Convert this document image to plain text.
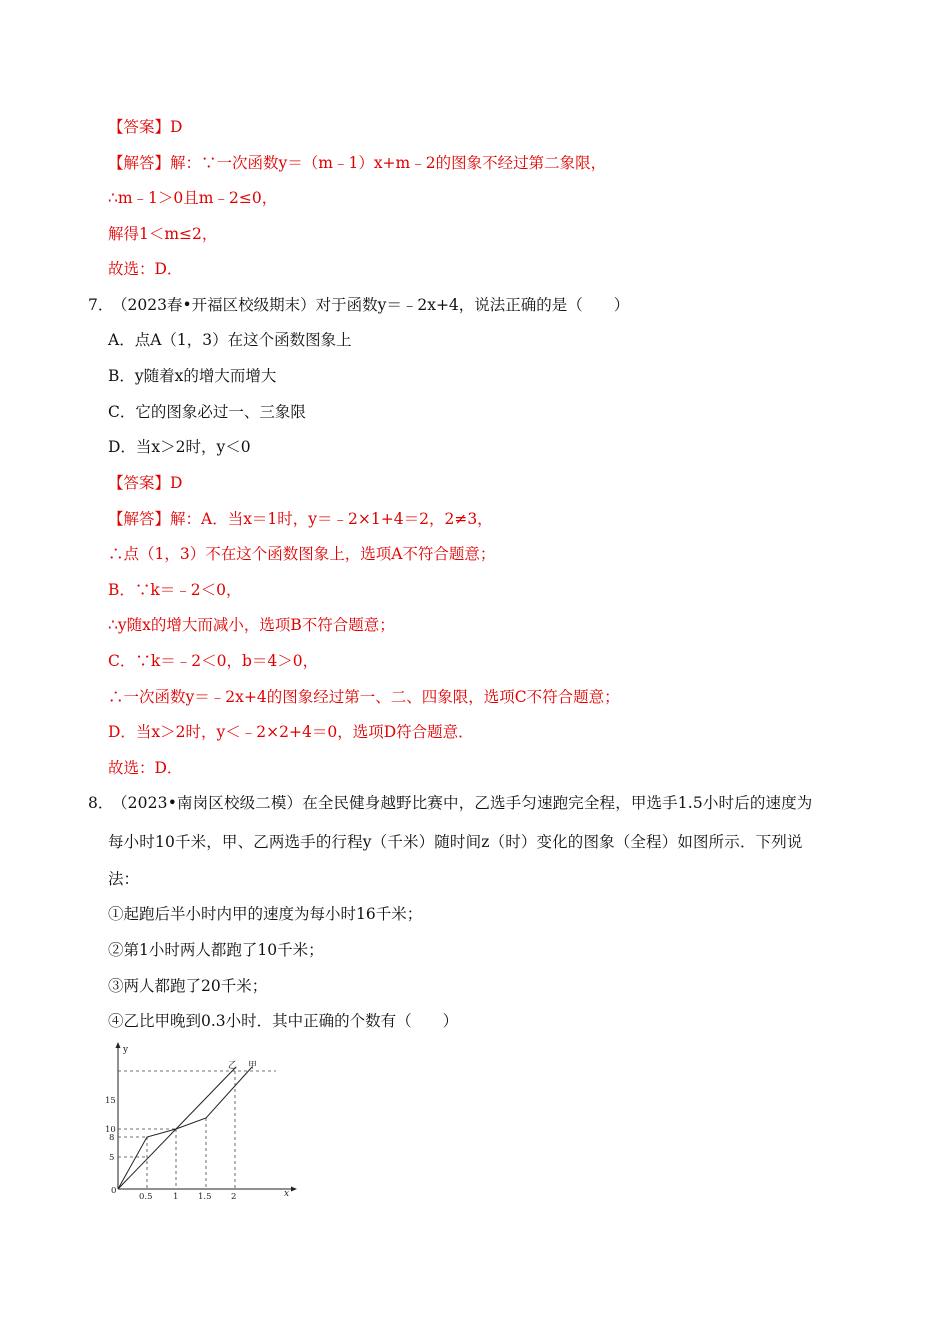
【答案】D
【解答】解：∵一次函数y＝（m﹣1）x+m﹣2的图象不经过第二象限，
∴m﹣1＞0且m﹣2≤0，
解得1＜m≤2，
故选：D．
7．
（2023春•开福区校级期末）对于函数y＝﹣2x+4，说法正确的是（　　）
A．点A（1，3）在这个函数图象上
B．y随着x的增大而增大
C．它的图象必过一、三象限
D．当x＞2时，y＜0
【答案】D
【解答】解：A．当x＝1时，y＝﹣2×1+4＝2，2≠3，
∴点（1，3）不在这个函数图象上，选项A不符合题意；
B．∵k＝﹣2＜0，
∴y随x的增大而减小，选项B不符合题意；
C．∵k＝﹣2＜0，b＝4＞0，
∴一次函数y＝﹣2x+4的图象经过第一、二、四象限，选项C不符合题意；
D．当x＞2时，y＜﹣2×2+4＝0，选项D符合题意．
故选：D．
8．
（2023•南岗区校级二模）在全民健身越野比赛中，乙选手匀速跑完全程，甲选手1.5小时后的速度为
每小时10千米，甲、乙两选手的行程y（千米）随时间z（时）变化的图象（全程）如图所示．下列说
法：
①起跑后半小时内甲的速度为每小时16千米；
②第1小时两人都跑了10千米；
③两人都跑了20千米；
④乙比甲晚到0.3小时．其中正确的个数有（　　）
y
x
0
0.5 1 1.5 2
5
8
10
15
乙 甲
